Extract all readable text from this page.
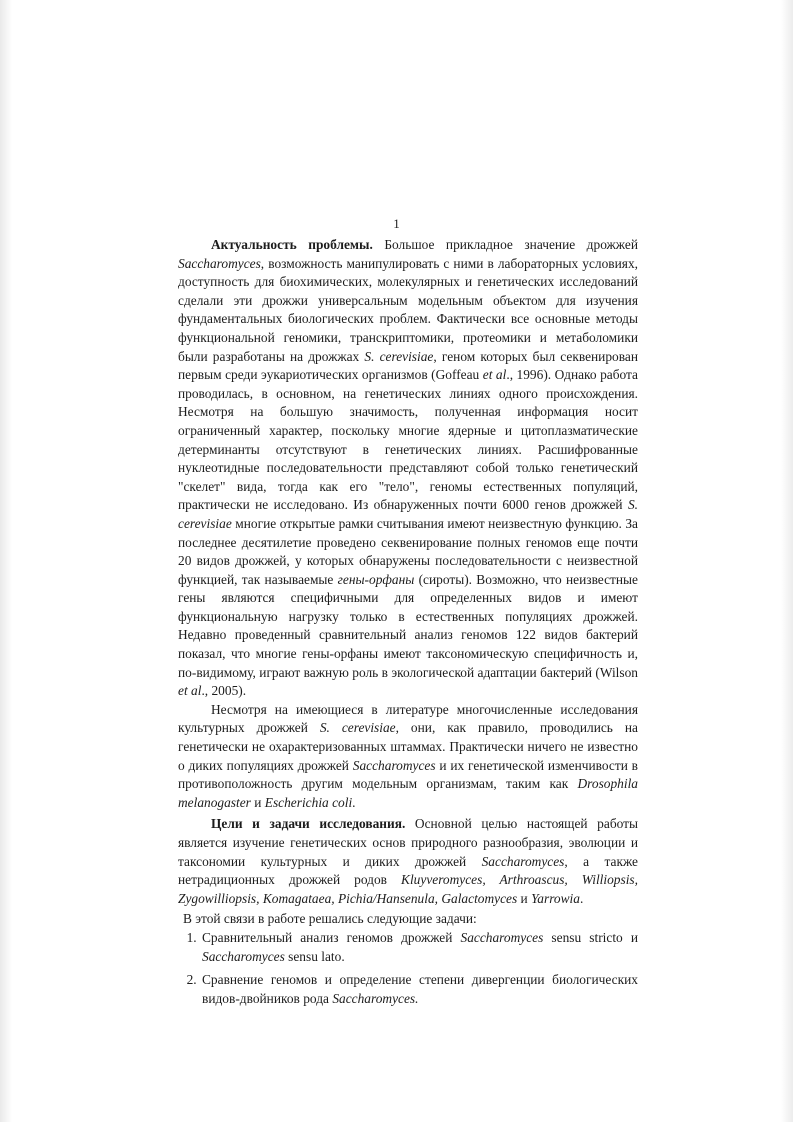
1

Актуальность проблемы. Большое прикладное значение дрожжей Saccharomyces, возможность манипулировать с ними в лабораторных условиях, доступность для биохимических, молекулярных и генетических исследований сделали эти дрожжи универсальным модельным объектом для изучения фундаментальных биологических проблем. Фактически все основные методы функциональной геномики, транскриптомики, протеомики и метаболомики были разработаны на дрожжах S. cerevisiae, геном которых был секвенирован первым среди эукариотических организмов (Goffeau et al., 1996). Однако работа проводилась, в основном, на генетических линиях одного происхождения. Несмотря на большую значимость, полученная информация носит ограниченный характер, поскольку многие ядерные и цитоплазматические детерминанты отсутствуют в генетических линиях. Расшифрованные нуклеотидные последовательности представляют собой только генетический "скелет" вида, тогда как его "тело", геномы естественных популяций, практически не исследовано. Из обнаруженных почти 6000 генов дрожжей S. cerevisiae многие открытые рамки считывания имеют неизвестную функцию. За последнее десятилетие проведено секвенирование полных геномов еще почти 20 видов дрожжей, у которых обнаружены последовательности с неизвестной функцией, так называемые гены-орфаны (сироты). Возможно, что неизвестные гены являются специфичными для определенных видов и имеют функциональную нагрузку только в естественных популяциях дрожжей. Недавно проведенный сравнительный анализ геномов 122 видов бактерий показал, что многие гены-орфаны имеют таксономическую специфичность и, по-видимому, играют важную роль в экологической адаптации бактерий (Wilson et al., 2005).

Несмотря на имеющиеся в литературе многочисленные исследования культурных дрожжей S. cerevisiae, они, как правило, проводились на генетически не охарактеризованных штаммах. Практически ничего не известно о диких популяциях дрожжей Saccharomyces и их генетической изменчивости в противоположность другим модельным организмам, таким как Drosophila melanogaster и Escherichia coli.

Цели и задачи исследования. Основной целью настоящей работы является изучение генетических основ природного разнообразия, эволюции и таксономии культурных и диких дрожжей Saccharomyces, а также нетрадиционных дрожжей родов Kluyveromyces, Arthroascus, Williopsis, Zygowilliopsis, Komagataea, Pichia/Hansenula, Galactomyces и Yarrowia.

В этой связи в работе решались следующие задачи:

1. Сравнительный анализ геномов дрожжей Saccharomyces sensu stricto и Saccharomyces sensu lato.
2. Сравнение геномов и определение степени дивергенции биологических видов-двойников рода Saccharomyces.
